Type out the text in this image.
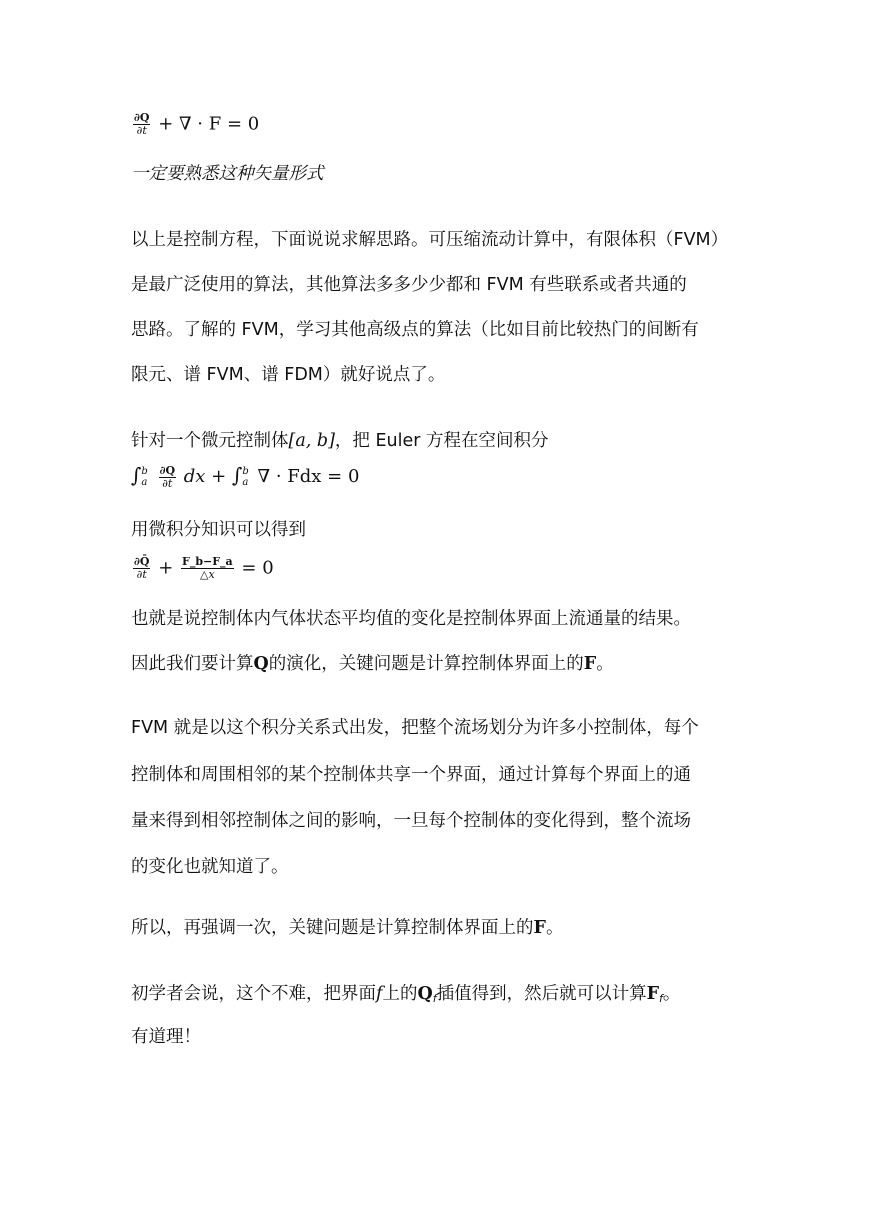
$\frac{\partial Q}{\partial t}$ + ∇ · F = 0
一定要熟悉这种矢量形式
以上是控制方程，下面说说求解思路。可压缩流动计算中，有限体积（FVM）
是最广泛使用的算法，其他算法多多少少都和 FVM 有些联系或者共通的
思路。了解的 FVM，学习其他高级点的算法（比如目前比较热门的间断有
限元、谱 FVM、谱 FDM）就好说点了。
针对一个微元控制体[a, b]，把 Euler 方程在空间积分
∫ b
a
$\frac{\partial Q}{\partial t}$ dx + ∫ b
a ∇ · Fdx = 0
用微积分知识可以得到
$\frac{\partial Q̄}{\partial t} + \frac{F\_b-F\_a}{\triangle x} = 0$
也就是说控制体内气体状态平均值的变化是控制体界面上流通量的结果。
因此我们要计算Q的演化，关键问题是计算控制体界面上的F。
FVM 就是以这个积分关系式出发，把整个流场划分为许多小控制体，每个
控制体和周围相邻的某个控制体共享一个界面，通过计算每个界面上的通
量来得到相邻控制体之间的影响，一旦每个控制体的变化得到，整个流场
的变化也就知道了。
所以，再强调一次，关键问题是计算控制体界面上的F。
初学者会说，这个不难，把界面f上的$Q_f$插值得到，然后就可以计算$F_f$。
有道理！
